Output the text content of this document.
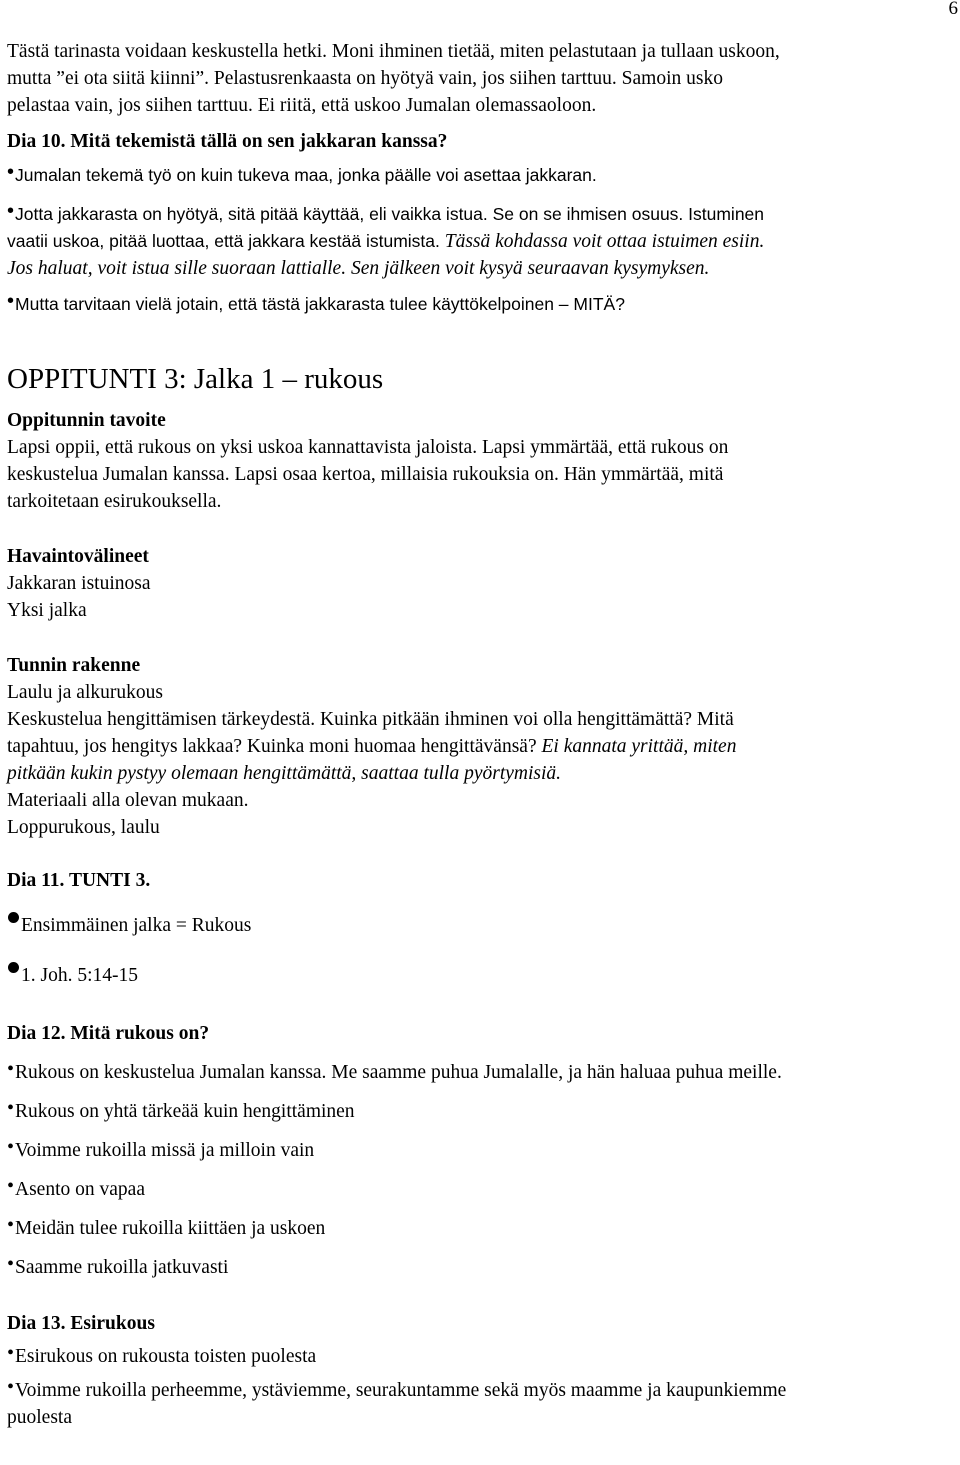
6

Tästä tarinasta voidaan keskustella hetki. Moni ihminen tietää, miten pelastutaan ja tullaan uskoon,

mutta ”ei ota siitä kiinni”. Pelastusrenkaasta on hyötyä vain, jos siihen tarttuu. Samoin usko

pelastaa vain, jos siihen tarttuu. Ei riitä, että uskoo Jumalan olemassaoloon.

Dia 10. Mitä tekemistä tällä on sen jakkaran kanssa?

•Jumalan tekemä työ on kuin tukeva maa, jonka päälle voi asettaa jakkaran.

•Jotta jakkarasta on hyötyä, sitä pitää käyttää, eli vaikka istua. Se on se ihmisen osuus. Istuminen

vaatii uskoa, pitää luottaa, että jakkara kestää istumista. Tässä kohdassa voit ottaa istuimen esiin.

Jos haluat, voit istua sille suoraan lattialle. Sen jälkeen voit kysyä seuraavan kysymyksen.

•Mutta tarvitaan vielä jotain, että tästä jakkarasta tulee käyttökelpoinen – MITÄ?

OPPITUNTI 3: Jalka 1 – rukous

Oppitunnin tavoite

Lapsi oppii, että rukous on yksi uskoa kannattavista jaloista. Lapsi ymmärtää, että rukous on

keskustelua Jumalan kanssa. Lapsi osaa kertoa, millaisia rukouksia on. Hän ymmärtää, mitä

tarkoitetaan esirukouksella.

Havaintovälineet

Jakkaran istuinosa

Yksi jalka

Tunnin rakenne

Laulu ja alkurukous

Keskustelua hengittämisen tärkeydestä. Kuinka pitkään ihminen voi olla hengittämättä? Mitä

tapahtuu, jos hengitys lakkaa? Kuinka moni huomaa hengittävänsä? Ei kannata yrittää, miten

pitkään kukin pystyy olemaan hengittämättä, saattaa tulla pyörtymisiä.

Materiaali alla olevan mukaan.

Loppurukous, laulu

Dia 11. TUNTI 3.

Ensimmäinen jalka = Rukous

1. Joh. 5:14-15

Dia 12. Mitä rukous on?

•Rukous on keskustelua Jumalan kanssa. Me saamme puhua Jumalalle, ja hän haluaa puhua meille.

•Rukous on yhtä tärkeää kuin hengittäminen

•Voimme rukoilla missä ja milloin vain

•Asento on vapaa

•Meidän tulee rukoilla kiittäen ja uskoen

•Saamme rukoilla jatkuvasti

Dia 13. Esirukous

•Esirukous on rukousta toisten puolesta

•Voimme rukoilla perheemme, ystäviemme, seurakuntamme sekä myös maamme ja kaupunkiemme

puolesta
